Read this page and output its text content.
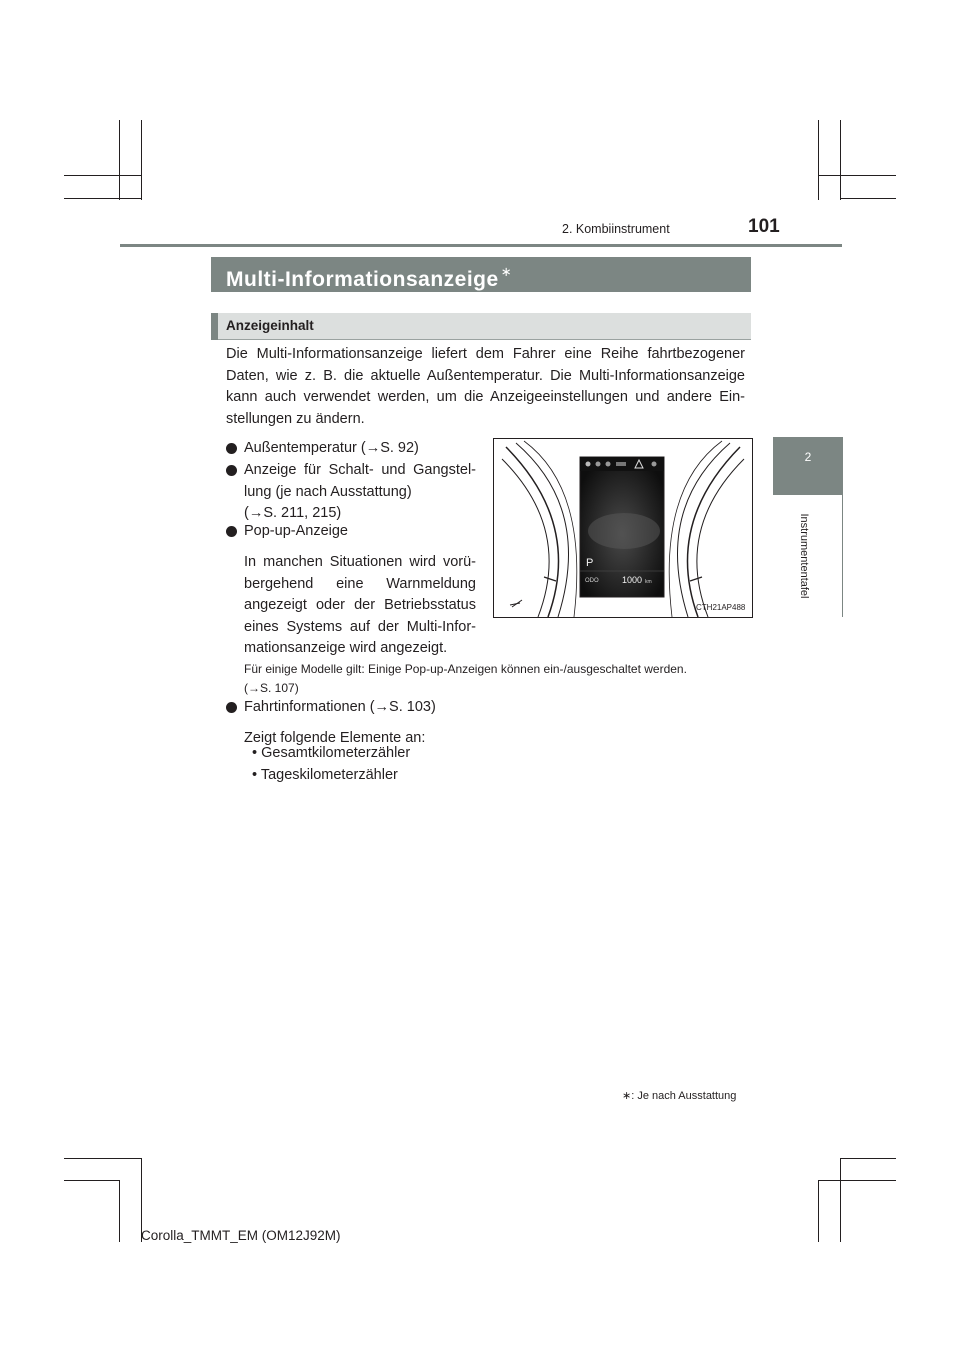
2. Kombiinstrument	101
2
Instrumententafel
Multi-Informationsanzeige ∗
Anzeigeinhalt
Die Multi-Informationsanzeige liefert dem Fahrer eine Reihe fahrtbezogener Daten, wie z. B. die aktuelle Außentemperatur. Die Multi-Informationsanzeige kann auch verwendet werden, um die Anzeigeeinstellungen und andere Ein-stellungen zu ändern.
Außentemperatur (→S. 92)
Anzeige für Schalt- und Gangstel-lung (je nach Ausstattung)
(→S. 211, 215)
Pop-up-Anzeige
In manchen Situationen wird vorü-bergehend eine Warnmeldung angezeigt oder der Betriebsstatus eines Systems auf der Multi-Infor-mationsanzeige wird angezeigt.
Für einige Modelle gilt: Einige Pop-up-Anzeigen können ein-/ausgeschaltet werden.
(→S. 107)
Fahrtinformationen (→S. 103)
Zeigt folgende Elemente an:
• Gesamtkilometerzähler
• Tageskilometerzähler
P
ODO	1000 km
CTH21AP488
∗: Je nach Ausstattung
Corolla_TMMT_EM (OM12J92M)
